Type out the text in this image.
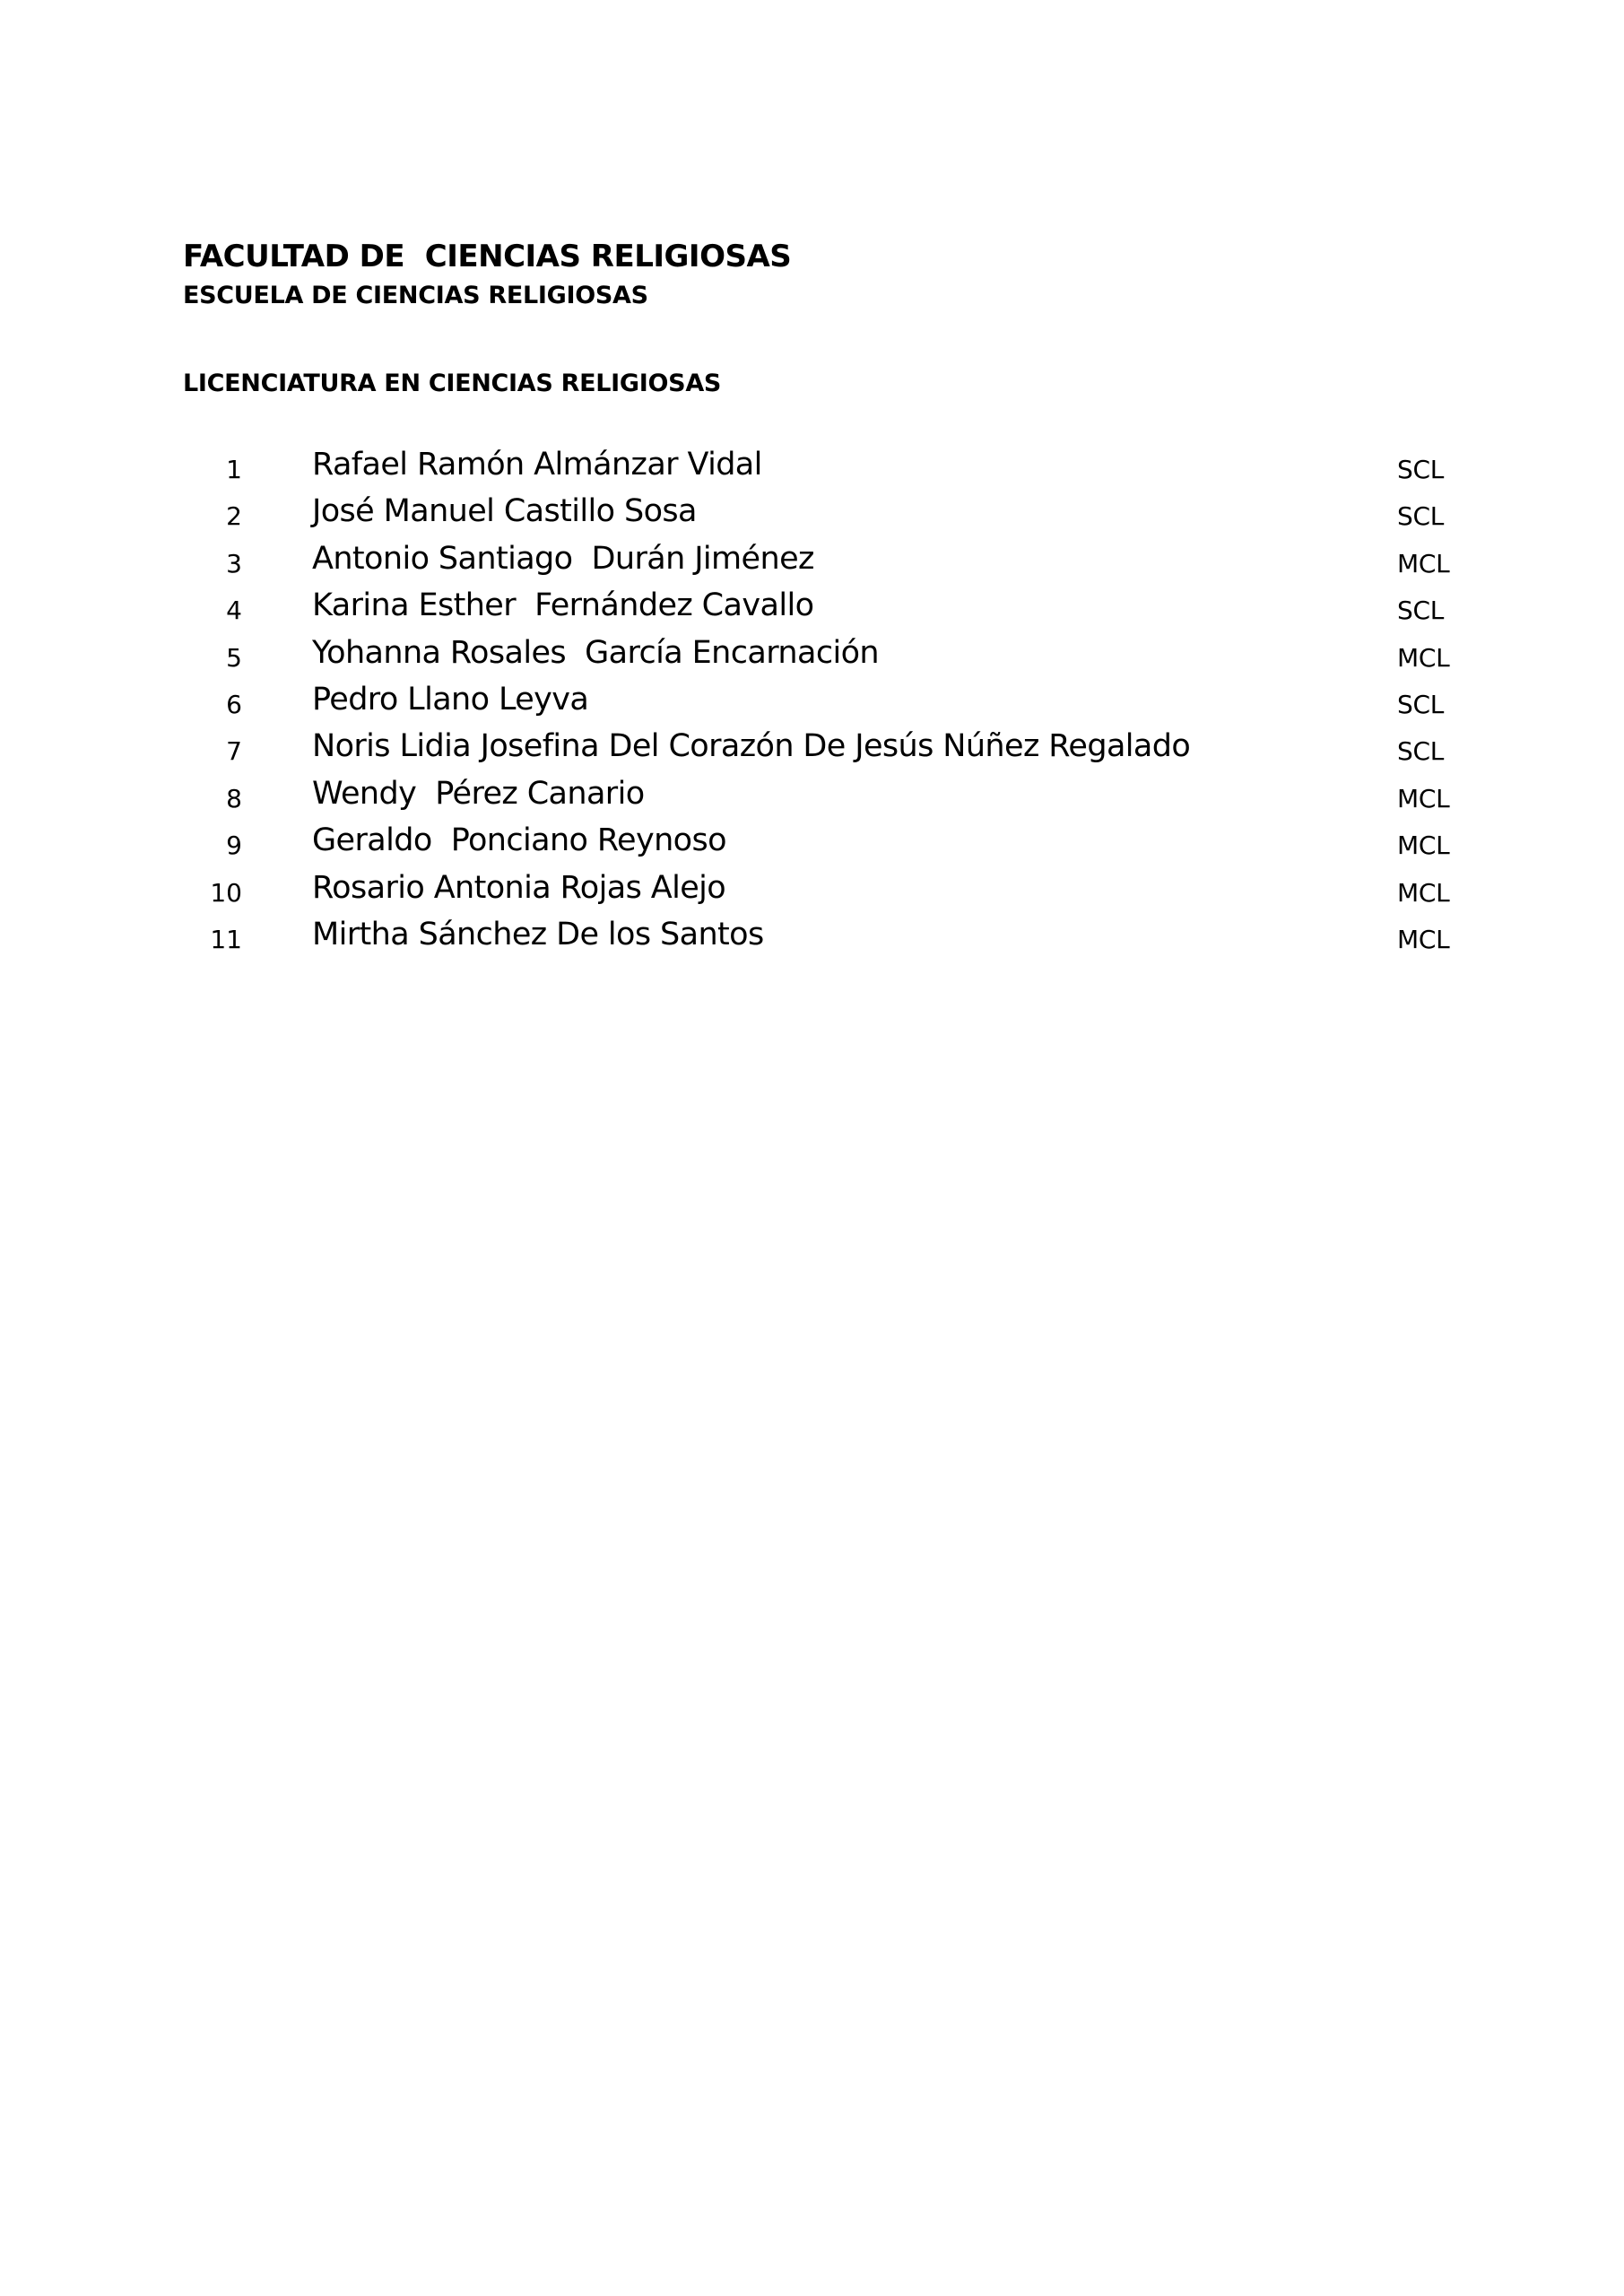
FACULTAD DE  CIENCIAS RELIGIOSAS
ESCUELA DE CIENCIAS RELIGIOSAS
LICENCIATURA EN CIENCIAS RELIGIOSAS
1 Rafael Ramón Almánzar Vidal	SCL
2 José Manuel Castillo Sosa	SCL
3 Antonio Santiago  Durán Jiménez	MCL
4 Karina Esther  Fernández Cavallo	SCL
5 Yohanna Rosales  García Encarnación	MCL
6 Pedro Llano Leyva	SCL
7 Noris Lidia Josefina Del Corazón De Jesús Núñez Regalado	SCL
8 Wendy  Pérez Canario	MCL
9 Geraldo  Ponciano Reynoso	MCL
10 Rosario Antonia Rojas Alejo	MCL
11 Mirtha Sánchez De los Santos	MCL
